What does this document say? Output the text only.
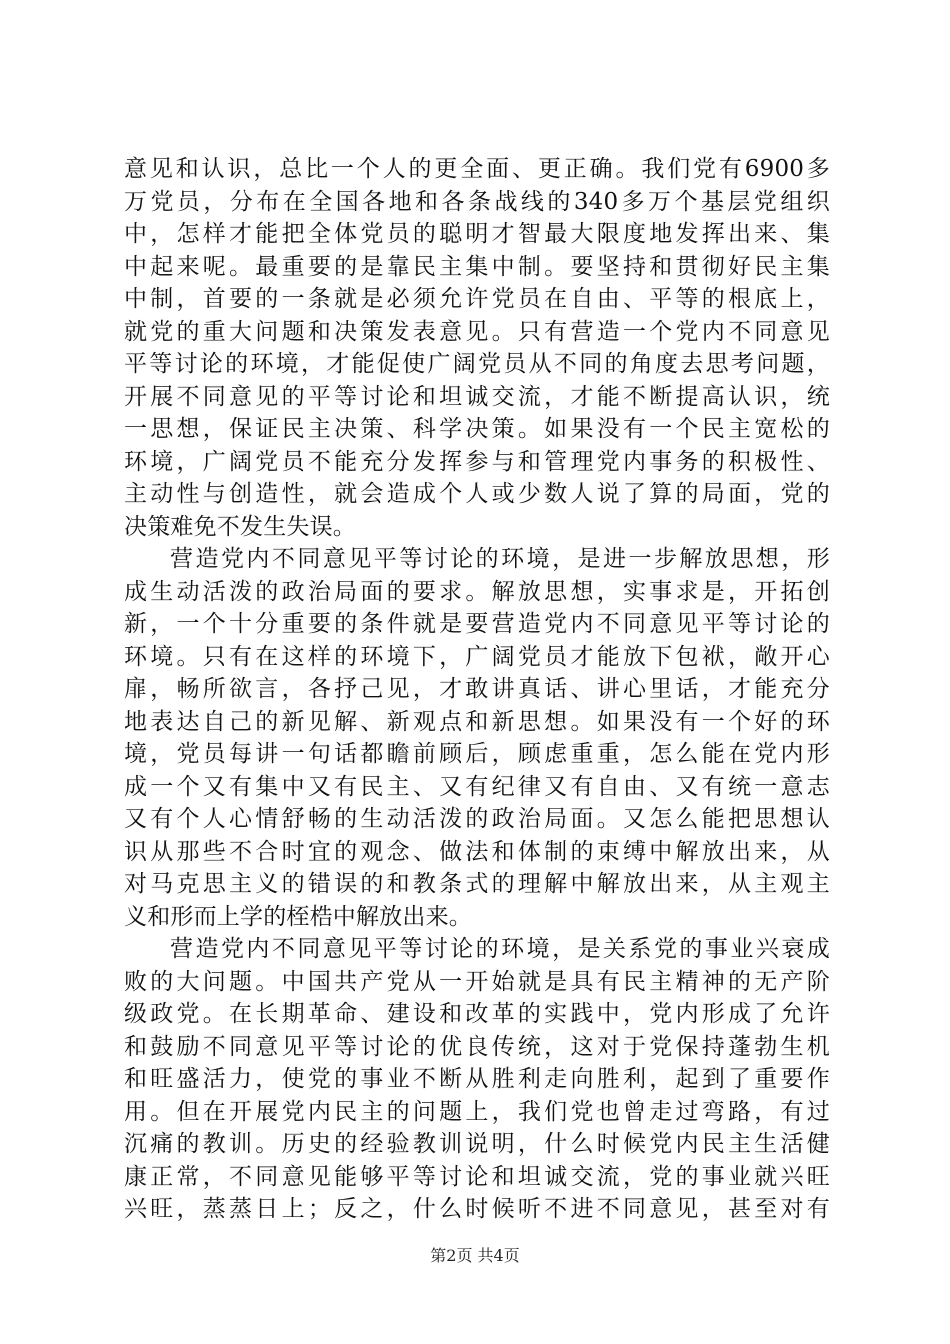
意见和认识，总比一个人的更全面、更正确。我们党有6900多
万党员，分布在全国各地和各条战线的340多万个基层党组织
中，怎样才能把全体党员的聪明才智最大限度地发挥出来、集
中起来呢。最重要的是靠民主集中制。要坚持和贯彻好民主集
中制，首要的一条就是必须允许党员在自由、平等的根底上，
就党的重大问题和决策发表意见。只有营造一个党内不同意见
平等讨论的环境，才能促使广阔党员从不同的角度去思考问题，
开展不同意见的平等讨论和坦诚交流，才能不断提高认识，统
一思想，保证民主决策、科学决策。如果没有一个民主宽松的
环境，广阔党员不能充分发挥参与和管理党内事务的积极性、
主动性与创造性，就会造成个人或少数人说了算的局面，党的
决策难免不发生失误。
营造党内不同意见平等讨论的环境，是进一步解放思想，形
成生动活泼的政治局面的要求。解放思想，实事求是，开拓创
新，一个十分重要的条件就是要营造党内不同意见平等讨论的
环境。只有在这样的环境下，广阔党员才能放下包袱，敞开心
扉，畅所欲言，各抒己见，才敢讲真话、讲心里话，才能充分
地表达自己的新见解、新观点和新思想。如果没有一个好的环
境，党员每讲一句话都瞻前顾后，顾虑重重，怎么能在党内形
成一个又有集中又有民主、又有纪律又有自由、又有统一意志
又有个人心情舒畅的生动活泼的政治局面。又怎么能把思想认
识从那些不合时宜的观念、做法和体制的束缚中解放出来，从
对马克思主义的错误的和教条式的理解中解放出来，从主观主
义和形而上学的桎梏中解放出来。
营造党内不同意见平等讨论的环境，是关系党的事业兴衰成
败的大问题。中国共产党从一开始就是具有民主精神的无产阶
级政党。在长期革命、建设和改革的实践中，党内形成了允许
和鼓励不同意见平等讨论的优良传统，这对于党保持蓬勃生机
和旺盛活力，使党的事业不断从胜利走向胜利，起到了重要作
用。但在开展党内民主的问题上，我们党也曾走过弯路，有过
沉痛的教训。历史的经验教训说明，什么时候党内民主生活健
康正常，不同意见能够平等讨论和坦诚交流，党的事业就兴旺
兴旺，蒸蒸日上；反之，什么时候听不进不同意见，甚至对有
第2页 共4页
